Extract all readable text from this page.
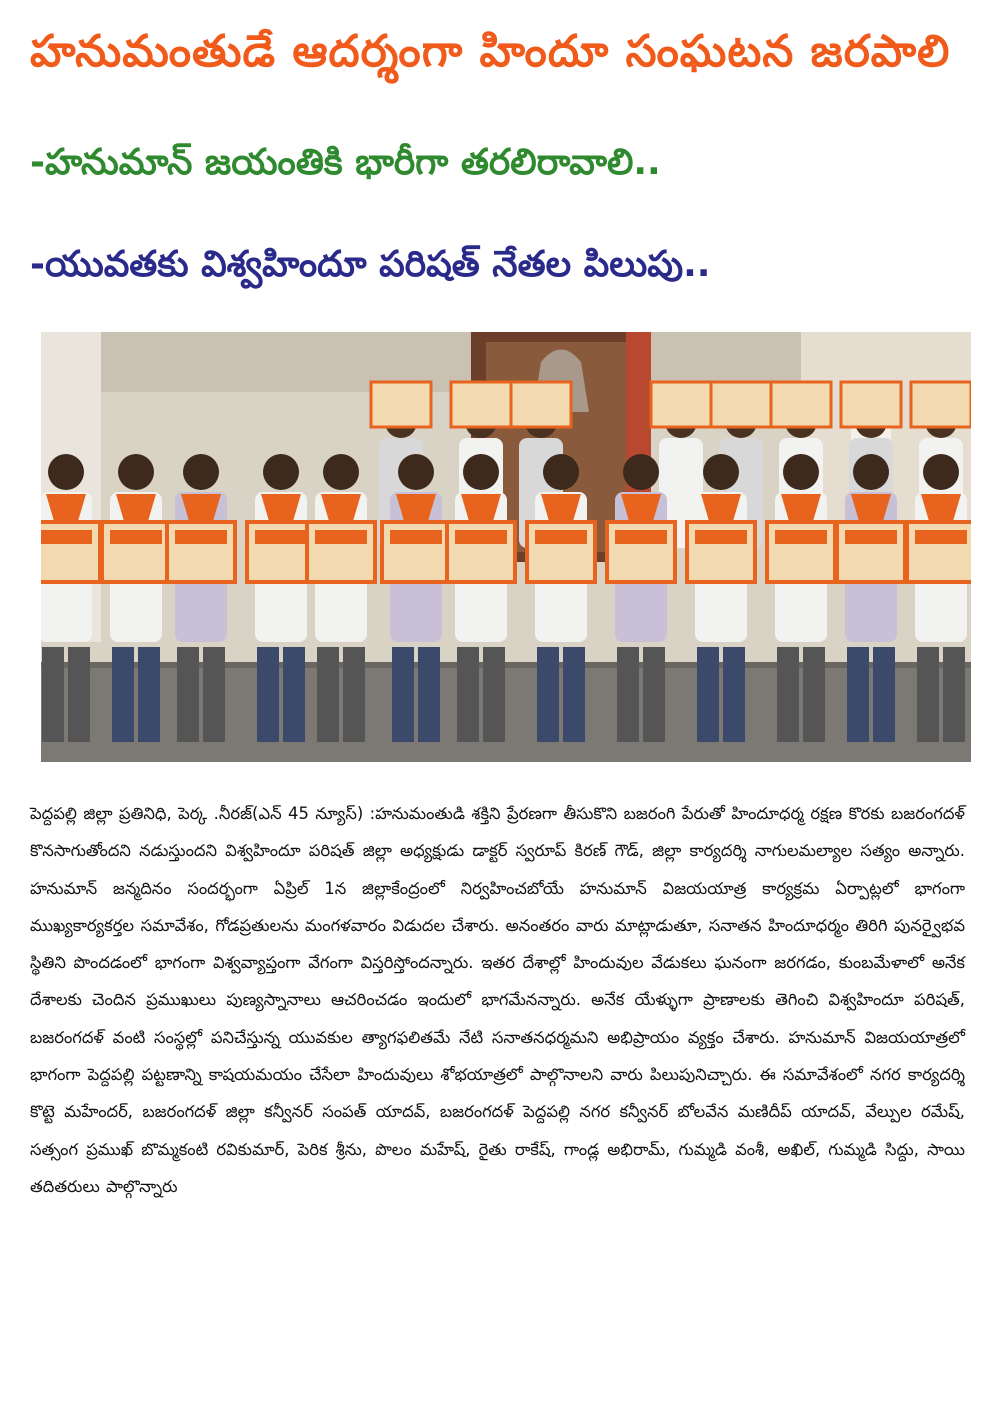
హనుమంతుడే ఆదర్శంగా హిందూ సంఘటన జరపాలి
-హనుమాన్ జయంతికి భారీగా తరలిరావాలి..
-యువతకు విశ్వహిందూ పరిషత్ నేతల పిలుపు..
పెద్దపల్లి జిల్లా ప్రతినిధి, పెర్క .నీరజ్(ఎన్ 45 న్యూస్) :హనుమంతుడి శక్తిని ప్రేరణగా తీసుకొని బజరంగి పేరుతో హిందూధర్మ రక్షణ కొరకు బజరంగదళ్ కొనసాగుతోందని నడుస్తుందని విశ్వహిందూ పరిషత్ జిల్లా అధ్యక్షుడు డాక్టర్ స్వరూప్ కిరణ్ గౌడ్, జిల్లా కార్యదర్శి నాగులమల్యాల సత్యం అన్నారు. హనుమాన్ జన్మదినం సందర్భంగా ఏప్రిల్ 1న జిల్లాకేంద్రంలో నిర్వహించబోయే హనుమాన్ విజయయాత్ర కార్యక్రమ ఏర్పాట్లలో భాగంగా ముఖ్యకార్యకర్తల సమావేశం, గోడప్రతులను మంగళవారం విడుదల చేశారు. అనంతరం వారు మాట్లాడుతూ, సనాతన హిందూధర్మం తిరిగి పునర్వైభవ స్థితిని పొందడంలో భాగంగా విశ్వవ్యాప్తంగా వేగంగా విస్తరిస్తోందన్నారు. ఇతర దేశాల్లో హిందువుల వేడుకలు ఘనంగా జరగడం, కుంబమేళాలో అనేక దేశాలకు చెందిన ప్రముఖులు పుణ్యస్నానాలు ఆచరించడం ఇందులో భాగమేనన్నారు. అనేక యేళ్ళుగా ప్రాణాలకు తెగించి విశ్వహిందూ పరిషత్, బజరంగదళ్ వంటి సంస్థల్లో పనిచేస్తున్న యువకుల త్యాగఫలితమే నేటి సనాతనధర్మమని అభిప్రాయం వ్యక్తం చేశారు. హనుమాన్ విజయయాత్రలో భాగంగా పెద్దపల్లి పట్టణాన్ని కాషయమయం చేసేలా హిందువులు శోభయాత్రలో పాల్గొనాలని వారు పిలుపునిచ్చారు. ఈ సమావేశంలో నగర కార్యదర్శి కొట్టె మహేందర్, బజరంగదళ్ జిల్లా కన్వీనర్ సంపత్ యాదవ్, బజరంగదళ్ పెద్దపల్లి నగర కన్వీనర్ బోలవేన మణిదీప్ యాదవ్, వేల్పుల రమేష్, సత్సంగ ప్రముఖ్ బొమ్మకంటి రవికుమార్, పెరిక శ్రీను, పొలం మహేష్, రైతు రాకేష్, గాండ్ల అభిరామ్, గుమ్మడి వంశీ, అఖిల్, గుమ్మడి సిద్దు, సాయి తదితరులు పాల్గొన్నారు
